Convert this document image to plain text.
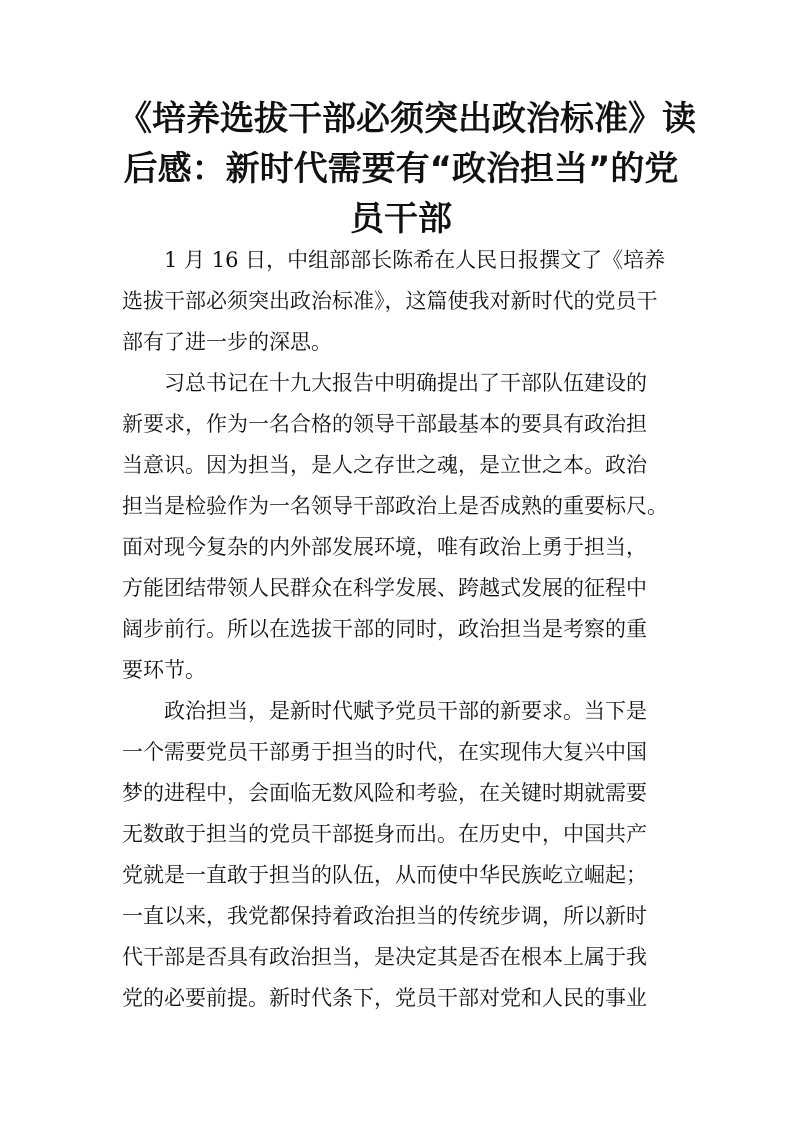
《培养选拔干部必须突出政治标准》读
后感：新时代需要有“政治担当”的党
员干部

1 月 16 日，中组部部长陈希在人民日报撰文了《培养
选拔干部必须突出政治标准》，这篇使我对新时代的党员干
部有了进一步的深思。

习总书记在十九大报告中明确提出了干部队伍建设的
新要求，作为一名合格的领导干部最基本的要具有政治担
当意识。因为担当，是人之存世之魂，是立世之本。政治
担当是检验作为一名领导干部政治上是否成熟的重要标尺。
面对现今复杂的内外部发展环境，唯有政治上勇于担当，
方能团结带领人民群众在科学发展、跨越式发展的征程中
阔步前行。所以在选拔干部的同时，政治担当是考察的重
要环节。

政治担当，是新时代赋予党员干部的新要求。当下是
一个需要党员干部勇于担当的时代，在实现伟大复兴中国
梦的进程中，会面临无数风险和考验，在关键时期就需要
无数敢于担当的党员干部挺身而出。在历史中，中国共产
党就是一直敢于担当的队伍，从而使中华民族屹立崛起；
一直以来，我党都保持着政治担当的传统步调，所以新时
代干部是否具有政治担当，是决定其是否在根本上属于我
党的必要前提。新时代条下，党员干部对党和人民的事业
